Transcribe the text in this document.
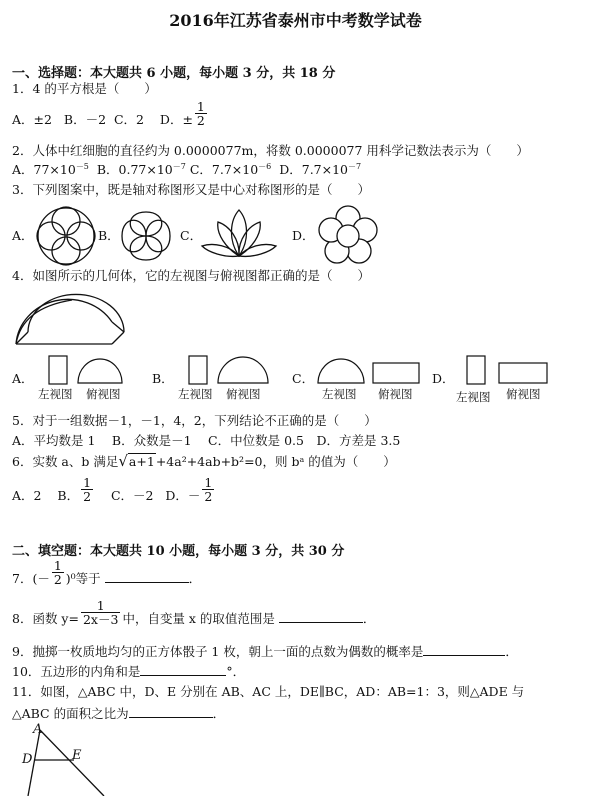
2016年江苏省泰州市中考数学试卷
一、选择题：本大题共 6 小题，每小题 3 分，共 18 分
1．4 的平方根是（　　）
A．±2 B．－2 C．2 D．± $\frac{1}{2}$
2．人体中红细胞的直径约为 0.0000077m，将数 0.0000077 用科学记数法表示为（　　）
A．$77\times 10^{-5}$ B．$0.77\times 10^{-7}$ C．$7.7\times 10^{-6}$ D．$7.7\times 10^{-7}$
3．下列图案中，既是轴对称图形又是中心对称图形的是（　　）
A．	B．	C．	D．
4．如图所示的几何体，它的左视图与俯视图都正确的是（　　）
A．
左视图 俯视图
B．
左视图 俯视图
C．
左视图 俯视图
D．
左视图 俯视图
5．对于一组数据－1，－1，4，2，下列结论不正确的是（　　）
A．平均数是 1　 B．众数是－1　 C．中位数是 0.5　D．方差是 3.5
6．实数 a、b 满足√a+1+4a²+4ab+b²=0，则 bᵃ 的值为（　　）
A．2 B． $\frac{1}{2}$ C．－2 D．－ $\frac{1}{2}$
二、填空题：本大题共 10 小题，每小题 3 分，共 30 分
7．(－ $\frac{1}{2} )^0$等于	．
8．函数 $y= \frac{1}{2x-3}$ 中，自变量 x 的取值范围是	．
9．抛掷一枚质地均匀的正方体骰子 1 枚，朝上一面的点数为偶数的概率是	．
10．五边形的内角和是	°．
11．如图，△ABC 中，D、E 分别在 AB、AC 上，DE∥BC，AD：AB=1：3，则△ADE 与
△ABC 的面积之比为	．
A
D	E
